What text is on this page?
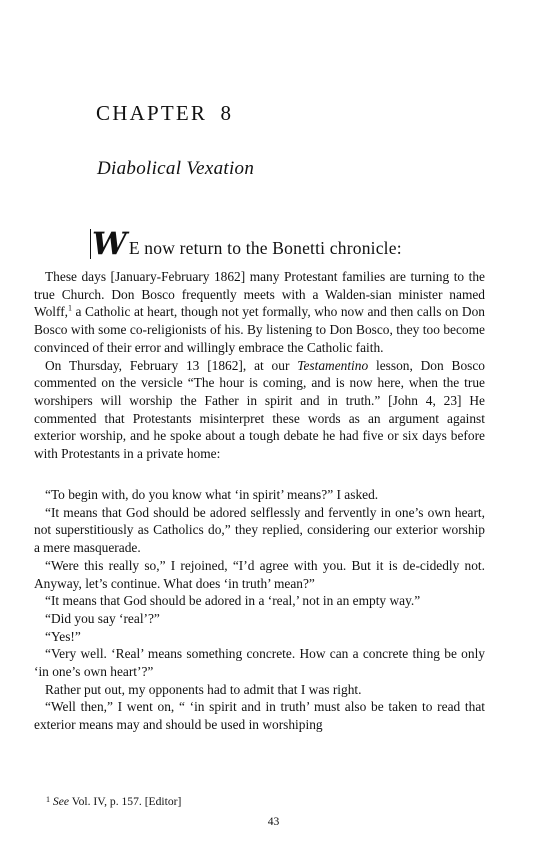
CHAPTER 8
Diabolical Vexation
W E now return to the Bonetti chronicle:

These days [January-February 1862] many Protestant families are turning to the true Church. Don Bosco frequently meets with a Walden-sian minister named Wolff,$^1$ a Catholic at heart, though not yet formally, who now and then calls on Don Bosco with some co-religionists of his. By listening to Don Bosco, they too become convinced of their error and willingly embrace the Catholic faith.

On Thursday, February 13 [1862], at our Testamentino lesson, Don Bosco commented on the versicle “The hour is coming, and is now here, when the true worshipers will worship the Father in spirit and in truth.” [John 4, 23] He commented that Protestants misinterpret these words as an argument against exterior worship, and he spoke about a tough debate he had five or six days before with Protestants in a private home:

“To begin with, do you know what ‘in spirit’ means?” I asked.

“It means that God should be adored selflessly and fervently in one’s own heart, not superstitiously as Catholics do,” they replied, considering our exterior worship a mere masquerade.

“Were this really so,” I rejoined, “I’d agree with you. But it is de-cidedly not. Anyway, let’s continue. What does ‘in truth’ mean?”

“It means that God should be adored in a ‘real,’ not in an empty way.”

“Did you say ‘real’?”

“Yes!”

“Very well. ‘Real’ means something concrete. How can a concrete thing be only ‘in one’s own heart’?”

Rather put out, my opponents had to admit that I was right.

“Well then,” I went on, “ ‘in spirit and in truth’ must also be taken to read that exterior means may and should be used in worshiping

$^1$ See Vol. IV, p. 157. [Editor]
43
